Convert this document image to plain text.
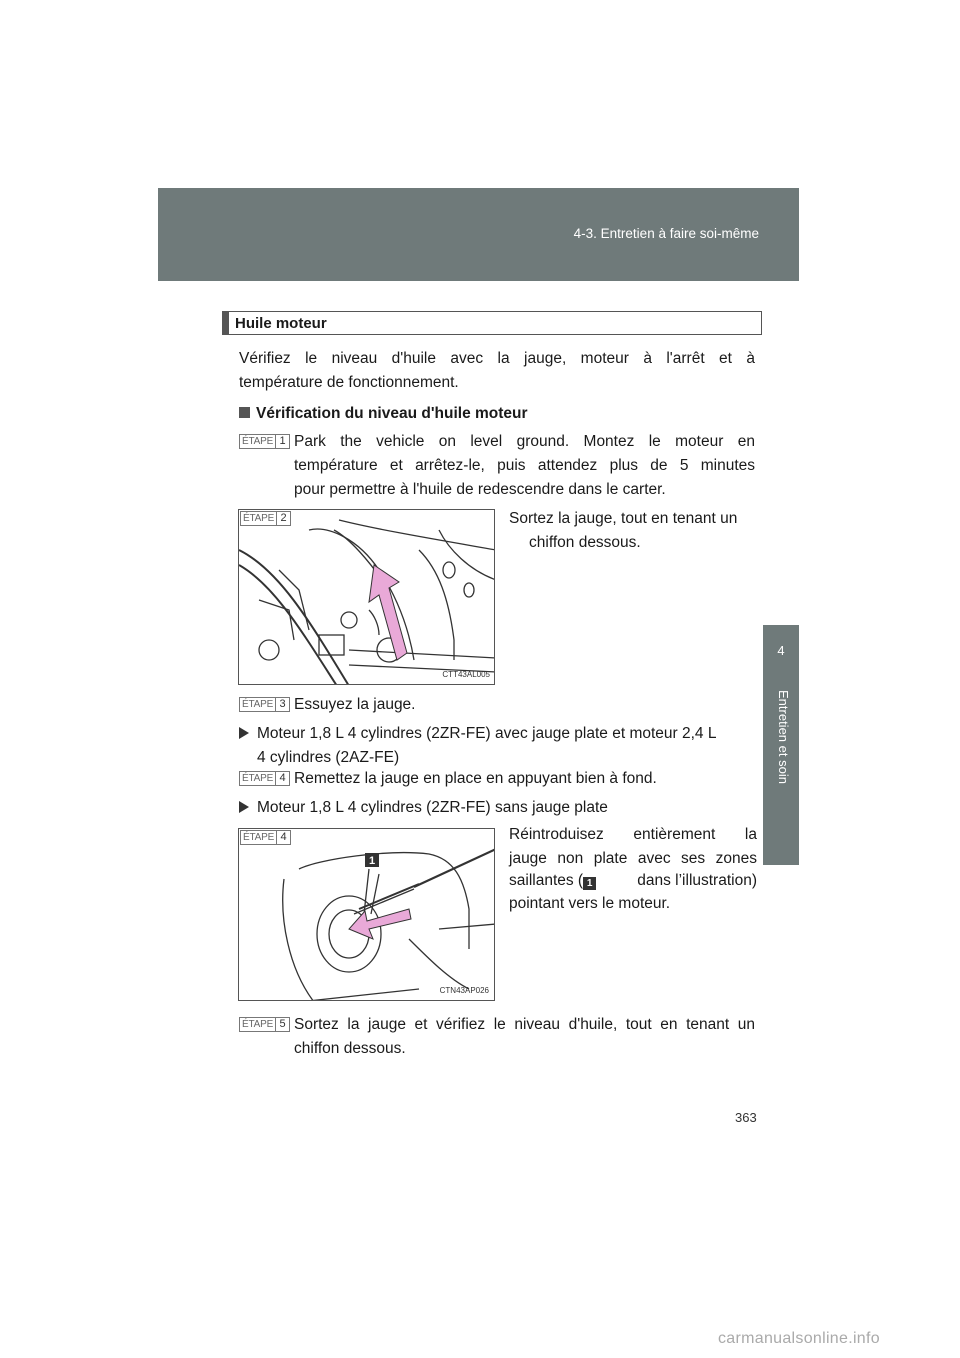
4-3. Entretien à faire soi-même
4
Entretien et soin
Huile moteur
Vérifiez le niveau d'huile avec la jauge, moteur à l'arrêt et à
température de fonctionnement.
Vérification du niveau d'huile moteur
ÉTAPE 1 Park the vehicle on level ground. Montez le moteur en
température et arrêtez-le, puis attendez plus de 5 minutes
pour permettre à l'huile de redescendre dans le carter.
ÉTAPE 2
CTT43AL005
Sortez la jauge, tout en tenant un
chiffon dessous.
ÉTAPE 3 Essuyez la jauge.
Moteur 1,8 L 4 cylindres (2ZR-FE) avec jauge plate et moteur 2,4 L
4 cylindres (2AZ-FE)
ÉTAPE 4 Remettez la jauge en place en appuyant bien à fond.
Moteur 1,8 L 4 cylindres (2ZR-FE) sans jauge plate
1
ÉTAPE 4
CTN43AP026
Réintroduisez entièrement la
jauge non plate avec ses zones
saillantes ( 1	dans l’illustration)
pointant vers le moteur.
ÉTAPE 5 Sortez la jauge et vérifiez le niveau d'huile, tout en tenant un
chiffon dessous.
363
carmanualsonline.info
